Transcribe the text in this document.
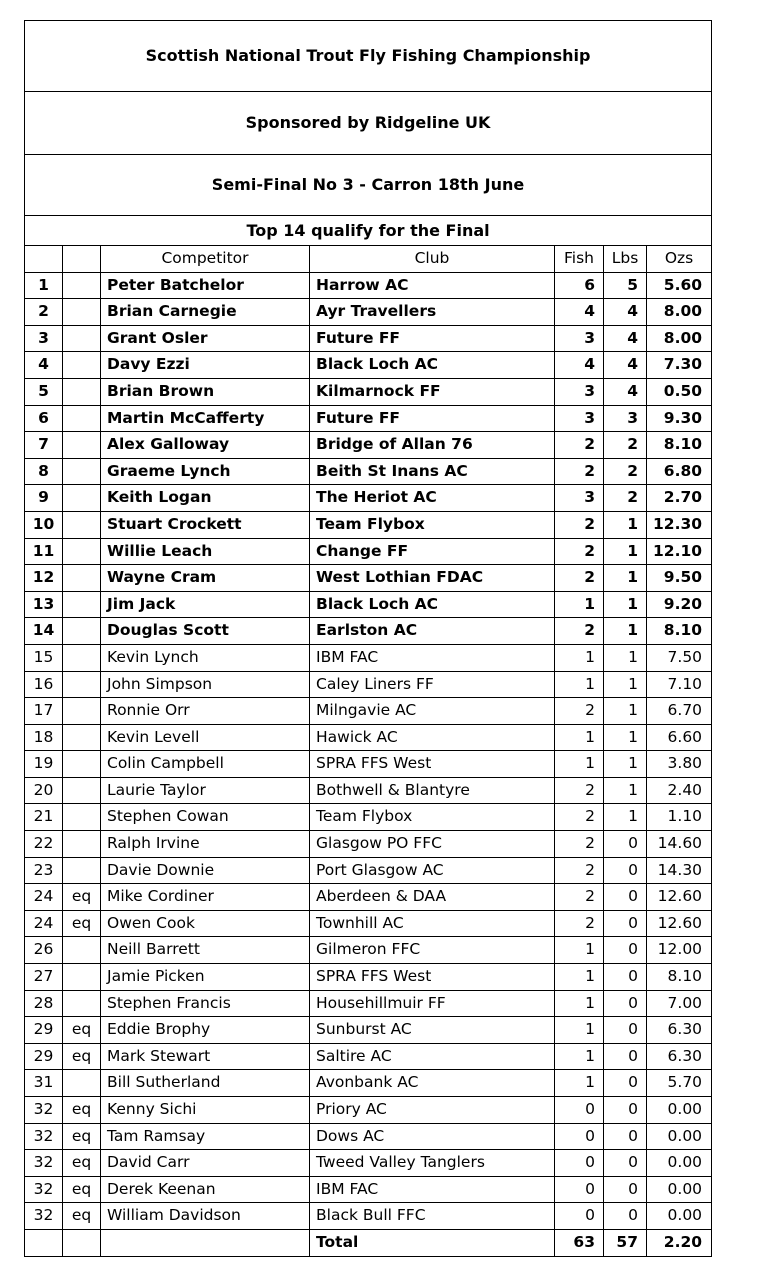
Scottish National Trout Fly Fishing Championship						
Sponsored by Ridgeline UK						
Semi-Final No 3 - Carron 18th June						
Top 14 qualify for the Final						
		Competitor	Club	Fish	Lbs	Ozs
1		Peter Batchelor	Harrow AC	6	5	5.60
2		Brian Carnegie	Ayr Travellers	4	4	8.00
3		Grant Osler	Future FF	3	4	8.00
4		Davy Ezzi	Black Loch AC	4	4	7.30
5		Brian Brown	Kilmarnock FF	3	4	0.50
6		Martin McCafferty	Future FF	3	3	9.30
7		Alex Galloway	Bridge of Allan 76	2	2	8.10
8		Graeme Lynch	Beith St Inans AC	2	2	6.80
9		Keith Logan	The Heriot AC	3	2	2.70
10		Stuart Crockett	Team Flybox	2	1	12.30
11		Willie Leach	Change FF	2	1	12.10
12		Wayne Cram	West Lothian FDAC	2	1	9.50
13		Jim Jack	Black Loch AC	1	1	9.20
14		Douglas Scott	Earlston AC	2	1	8.10
15		Kevin Lynch	IBM FAC	1	1	7.50
16		John Simpson	Caley Liners FF	1	1	7.10
17		Ronnie Orr	Milngavie AC	2	1	6.70
18		Kevin Levell	Hawick AC	1	1	6.60
19		Colin Campbell	SPRA FFS West	1	1	3.80
20		Laurie Taylor	Bothwell & Blantyre	2	1	2.40
21		Stephen Cowan	Team Flybox	2	1	1.10
22		Ralph Irvine	Glasgow PO FFC	2	0	14.60
23		Davie Downie	Port Glasgow AC	2	0	14.30
24	eq	Mike Cordiner	Aberdeen & DAA	2	0	12.60
24	eq	Owen Cook	Townhill AC	2	0	12.60
26		Neill Barrett	Gilmeron FFC	1	0	12.00
27		Jamie Picken	SPRA FFS West	1	0	8.10
28		Stephen Francis	Househillmuir FF	1	0	7.00
29	eq	Eddie Brophy	Sunburst AC	1	0	6.30
29	eq	Mark Stewart	Saltire AC	1	0	6.30
31		Bill Sutherland	Avonbank AC	1	0	5.70
32	eq	Kenny Sichi	Priory AC	0	0	0.00
32	eq	Tam Ramsay	Dows AC	0	0	0.00
32	eq	David Carr	Tweed Valley Tanglers	0	0	0.00
32	eq	Derek Keenan	IBM FAC	0	0	0.00
32	eq	William Davidson	Black Bull FFC	0	0	0.00
			Total	63	57	2.20
